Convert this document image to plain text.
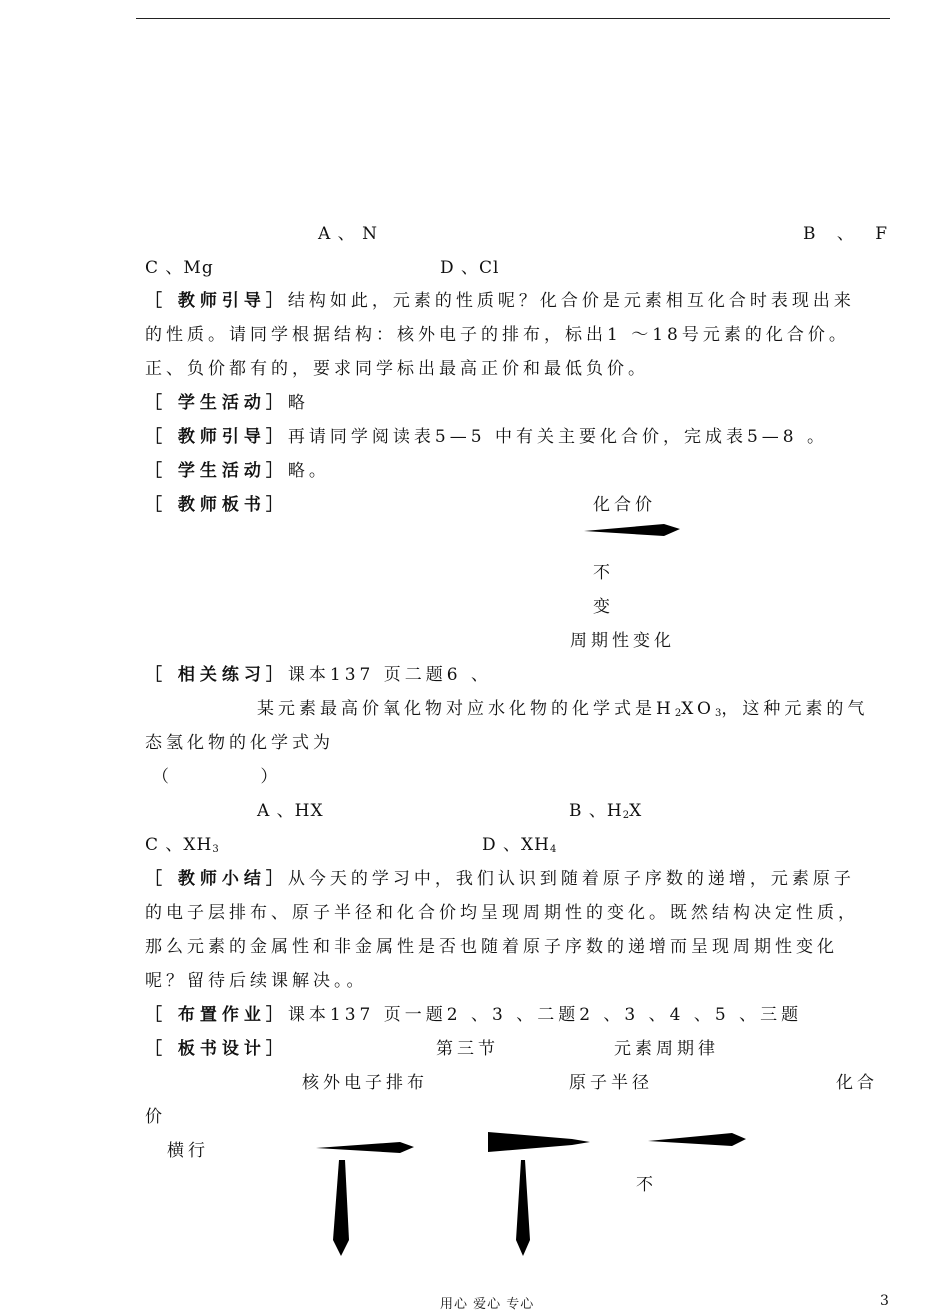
A 、 N	B 、 F
C 、Mg	D 、Cl
［ 教师引导］结构如此，元素的性质呢？化合价是元素相互化合时表现出来
的性质。请同学根据结构：核外电子的排布，标出1 ～18号元素的化合价。
正、负价都有的，要求同学标出最高正价和最低负价。
［ 学生活动］略
［ 教师引导］再请同学阅读表5—5 中有关主要化合价，完成表5—8 。
［ 学生活动］略。
［ 教师板书］	化合价
不
变
周期性变化
［ 相关练习］课本137 页二题6 、
某元素最高价氧化物对应水化物的化学式是$H_2XO_3$，这种元素的气
态氢化物的化学式为
（ ）
A 、HX	B 、$H_2X$
C 、$XH_3$	D 、$XH_4$
［ 教师小结］从今天的学习中，我们认识到随着原子序数的递增，元素原子
的电子层排布、原子半径和化合价均呈现周期性的变化。既然结构决定性质，
那么元素的金属性和非金属性是否也随着原子序数的递增而呈现周期性变化
呢？留待后续课解决。。
［ 布置作业］课本137 页一题2 、3 、二题2 、3 、4 、5 、三题
［ 板书设计］	第三节	元素周期律
核外电子排布	原子半径	化合
价
横行
不
用心 爱心 专心	3
